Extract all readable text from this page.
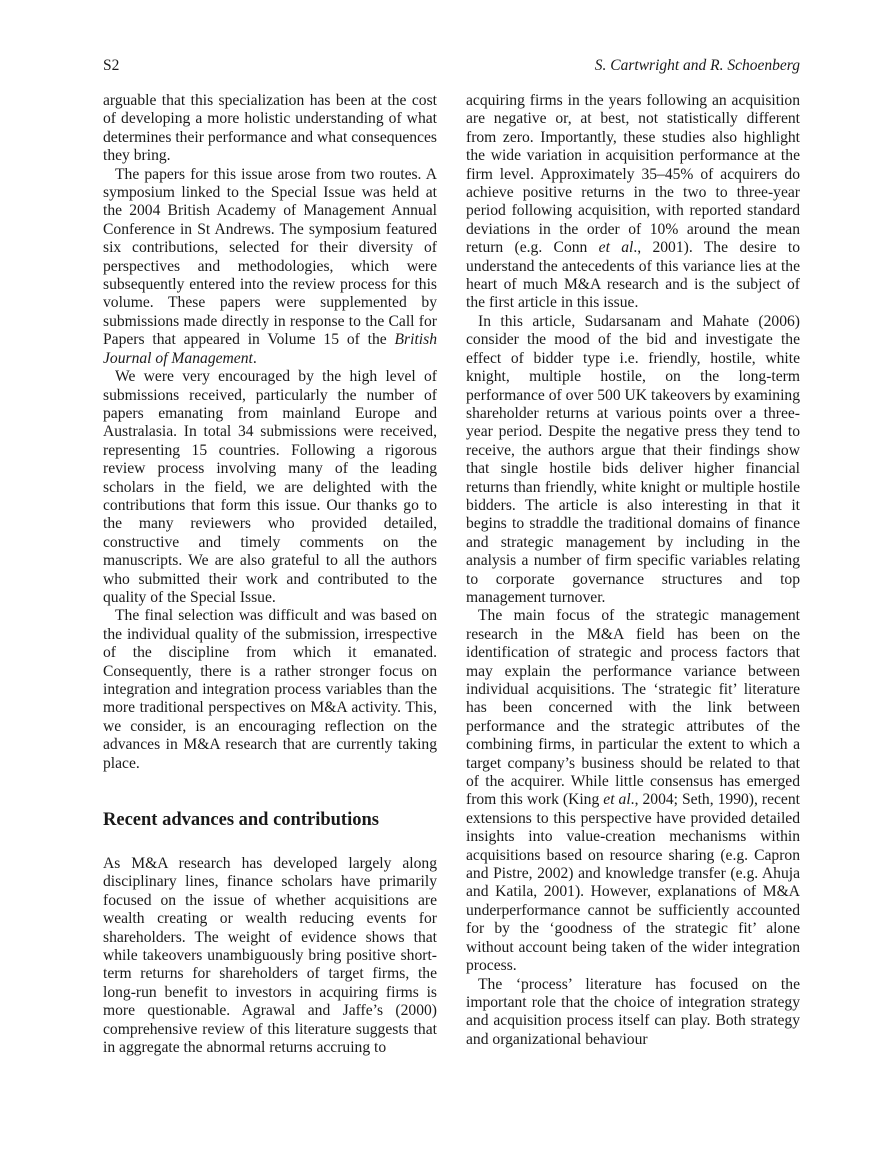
S2	S. Cartwright and R. Schoenberg

arguable that this specialization has been at the cost of developing a more holistic understanding of what determines their performance and what consequences they bring.

The papers for this issue arose from two routes. A symposium linked to the Special Issue was held at the 2004 British Academy of Management Annual Conference in St Andrews. The symposium featured six contributions, selected for their diversity of perspectives and methodologies, which were subsequently entered into the review process for this volume. These papers were supplemented by submissions made directly in response to the Call for Papers that appeared in Volume 15 of the British Journal of Management.

We were very encouraged by the high level of submissions received, particularly the number of papers emanating from mainland Europe and Australasia. In total 34 submissions were received, representing 15 countries. Following a rigorous review process involving many of the leading scholars in the field, we are delighted with the contributions that form this issue. Our thanks go to the many reviewers who provided detailed, constructive and timely comments on the manuscripts. We are also grateful to all the authors who submitted their work and contributed to the quality of the Special Issue.

The final selection was difficult and was based on the individual quality of the submission, irrespective of the discipline from which it emanated. Consequently, there is a rather stronger focus on integration and integration process variables than the more traditional perspectives on M&A activity. This, we consider, is an encouraging reflection on the advances in M&A research that are currently taking place.

Recent advances and contributions

As M&A research has developed largely along disciplinary lines, finance scholars have primarily focused on the issue of whether acquisitions are wealth creating or wealth reducing events for shareholders. The weight of evidence shows that while takeovers unambiguously bring positive short-term returns for shareholders of target firms, the long-run benefit to investors in acquiring firms is more questionable. Agrawal and Jaffe’s (2000) comprehensive review of this literature suggests that in aggregate the abnormal returns accruing to

acquiring firms in the years following an acquisition are negative or, at best, not statistically different from zero. Importantly, these studies also highlight the wide variation in acquisition performance at the firm level. Approximately 35–45% of acquirers do achieve positive returns in the two to three-year period following acquisition, with reported standard deviations in the order of 10% around the mean return (e.g. Conn et al., 2001). The desire to understand the antecedents of this variance lies at the heart of much M&A research and is the subject of the first article in this issue.

In this article, Sudarsanam and Mahate (2006) consider the mood of the bid and investigate the effect of bidder type i.e. friendly, hostile, white knight, multiple hostile, on the long-term performance of over 500 UK takeovers by examining shareholder returns at various points over a three-year period. Despite the negative press they tend to receive, the authors argue that their findings show that single hostile bids deliver higher financial returns than friendly, white knight or multiple hostile bidders. The article is also interesting in that it begins to straddle the traditional domains of finance and strategic management by including in the analysis a number of firm specific variables relating to corporate governance structures and top management turnover.

The main focus of the strategic management research in the M&A field has been on the identification of strategic and process factors that may explain the performance variance between individual acquisitions. The ‘strategic fit’ literature has been concerned with the link between performance and the strategic attributes of the combining firms, in particular the extent to which a target company’s business should be related to that of the acquirer. While little consensus has emerged from this work (King et al., 2004; Seth, 1990), recent extensions to this perspective have provided detailed insights into value-creation mechanisms within acquisitions based on resource sharing (e.g. Capron and Pistre, 2002) and knowledge transfer (e.g. Ahuja and Katila, 2001). However, explanations of M&A underperformance cannot be sufficiently accounted for by the ‘goodness of the strategic fit’ alone without account being taken of the wider integration process.

The ‘process’ literature has focused on the important role that the choice of integration strategy and acquisition process itself can play. Both strategy and organizational behaviour
